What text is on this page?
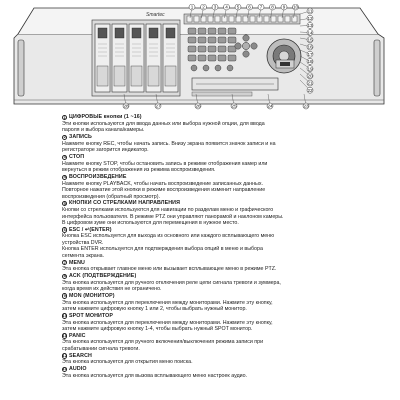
Smartec
1 2 3 4 5 6 7 8 9 10
11
12
13
14
15
16
17
18
19
20
21
22
23
24
25
26
27
28
1 ЦИФРОВЫЕ кнопки (1 ~16)

Эти кнопки используются для ввода данных или выбора нужной опции, для ввода

пароля и выбора канала/камеры.

2 ЗАПИСЬ

Нажмите кнопку REC, чтобы начать запись. Внизу экрана появится значок записи и на

регистраторе загорится индикатор.

3 СТОП

Нажмите кнопку STOP, чтобы остановить запись в режиме отображения камер или

вернуться в режим отображения из режима воспроизведения.

4 ВОСПРОИЗВЕДЕНИЕ

Нажмите кнопку PLAYBACK, чтобы начать воспроизведение записанных данных.

Повторное нажатие этой кнопки в режиме воспроизведения изменит направление

воспроизведения (обратный просмотр).

5 КНОПКИ СО СТРЕЛКАМИ НАПРАВЛЕНИЯ

Кнопки со стрелками используются для навигации по разделам меню и графического

интерфейса пользователя. В режиме PTZ они управляют панорамой и наклоном камеры.

В цифровом зуме они используются для перемещения в нужное место.

6 ESC / ↵(ENTER)

Кнопка ESC используется для выхода из основного или каждого всплывающего меню

устройства DVR.

Кнопка ENTER используется для подтверждения выбора опций в меню и выбора

сегмента экрана.

7 MENU

Эта кнопка открывает главное меню или вызывает всплывающее меню в режиме PTZ.

8 ACK (ПОДТВЕРЖДЕНИЕ)

Эта кнопка используется для ручного отключения реле цепи сигнала тревоги и зуммера,

когда время их действия не ограничено.

9 MON (МОНИТОР)

Эта кнопка используется для переключения между мониторами. Нажмите эту кнопку,

затем нажмите цифровую кнопку 1 или 2, чтобы выбрать нужный монитор.

10 SPOT МОНИТОР

Эта кнопка используется для переключения между мониторами. Нажмите эту кнопку,

затем нажмите цифровую кнопку 1-4, чтобы выбрать нужный SPOT монитор.

11 PANIC

Эта кнопка используется для ручного включения/выключения режима записи при

срабатывании сигнала тревоги.

12 SEARCH

Эта кнопка используется для открытия меню поиска.

13 AUDIO

Эта кнопка используется для вызова всплывающего меню настроек аудио.
